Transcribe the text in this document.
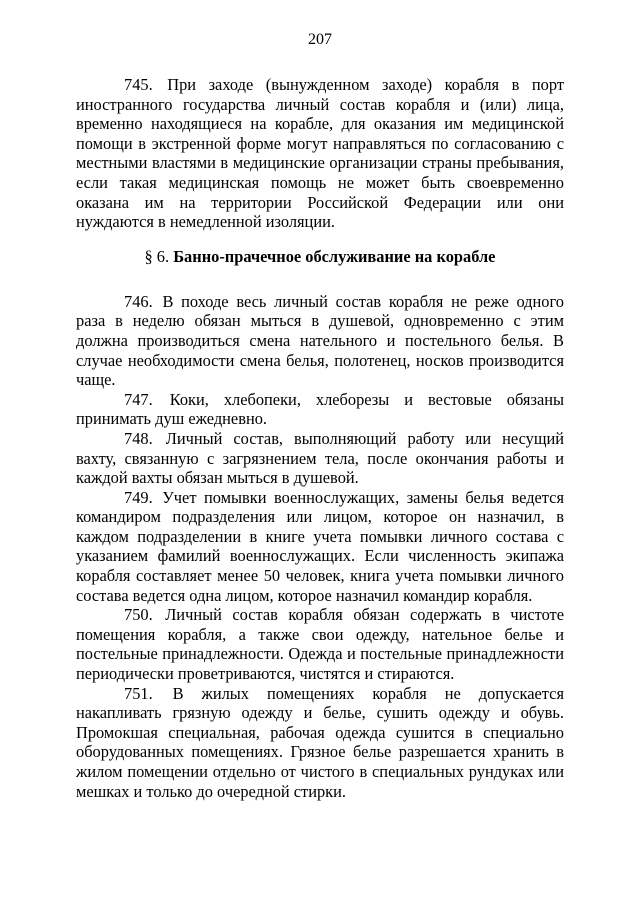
207

745. При заходе (вынужденном заходе) корабля в порт иностранного государства личный состав корабля и (или) лица, временно находящиеся на корабле, для оказания им медицинской помощи в экстренной форме могут направляться по согласованию с местными властями в медицинские организации страны пребывания, если такая медицинская помощь не может быть своевременно оказана им на территории Российской Федерации или они нуждаются в немедленной изоляции.

§ 6. Банно-прачечное обслуживание на корабле

746. В походе весь личный состав корабля не реже одного раза в неделю обязан мыться в душевой, одновременно с этим должна производиться смена нательного и постельного белья. В случае необходимости смена белья, полотенец, носков производится чаще.

747. Коки, хлебопеки, хлеборезы и вестовые обязаны принимать душ ежедневно.

748. Личный состав, выполняющий работу или несущий вахту, связанную с загрязнением тела, после окончания работы и каждой вахты обязан мыться в душевой.

749. Учет помывки военнослужащих, замены белья ведется командиром подразделения или лицом, которое он назначил, в каждом подразделении в книге учета помывки личного состава с указанием фамилий военнослужащих. Если численность экипажа корабля составляет менее 50 человек, книга учета помывки личного состава ведется одна лицом, которое назначил командир корабля.

750. Личный состав корабля обязан содержать в чистоте помещения корабля, а также свои одежду, нательное белье и постельные принадлежности. Одежда и постельные принадлежности периодически проветриваются, чистятся и стираются.

751. В жилых помещениях корабля не допускается накапливать грязную одежду и белье, сушить одежду и обувь. Промокшая специальная, рабочая одежда сушится в специально оборудованных помещениях. Грязное белье разрешается хранить в жилом помещении отдельно от чистого в специальных рундуках или мешках и только до очередной стирки.
